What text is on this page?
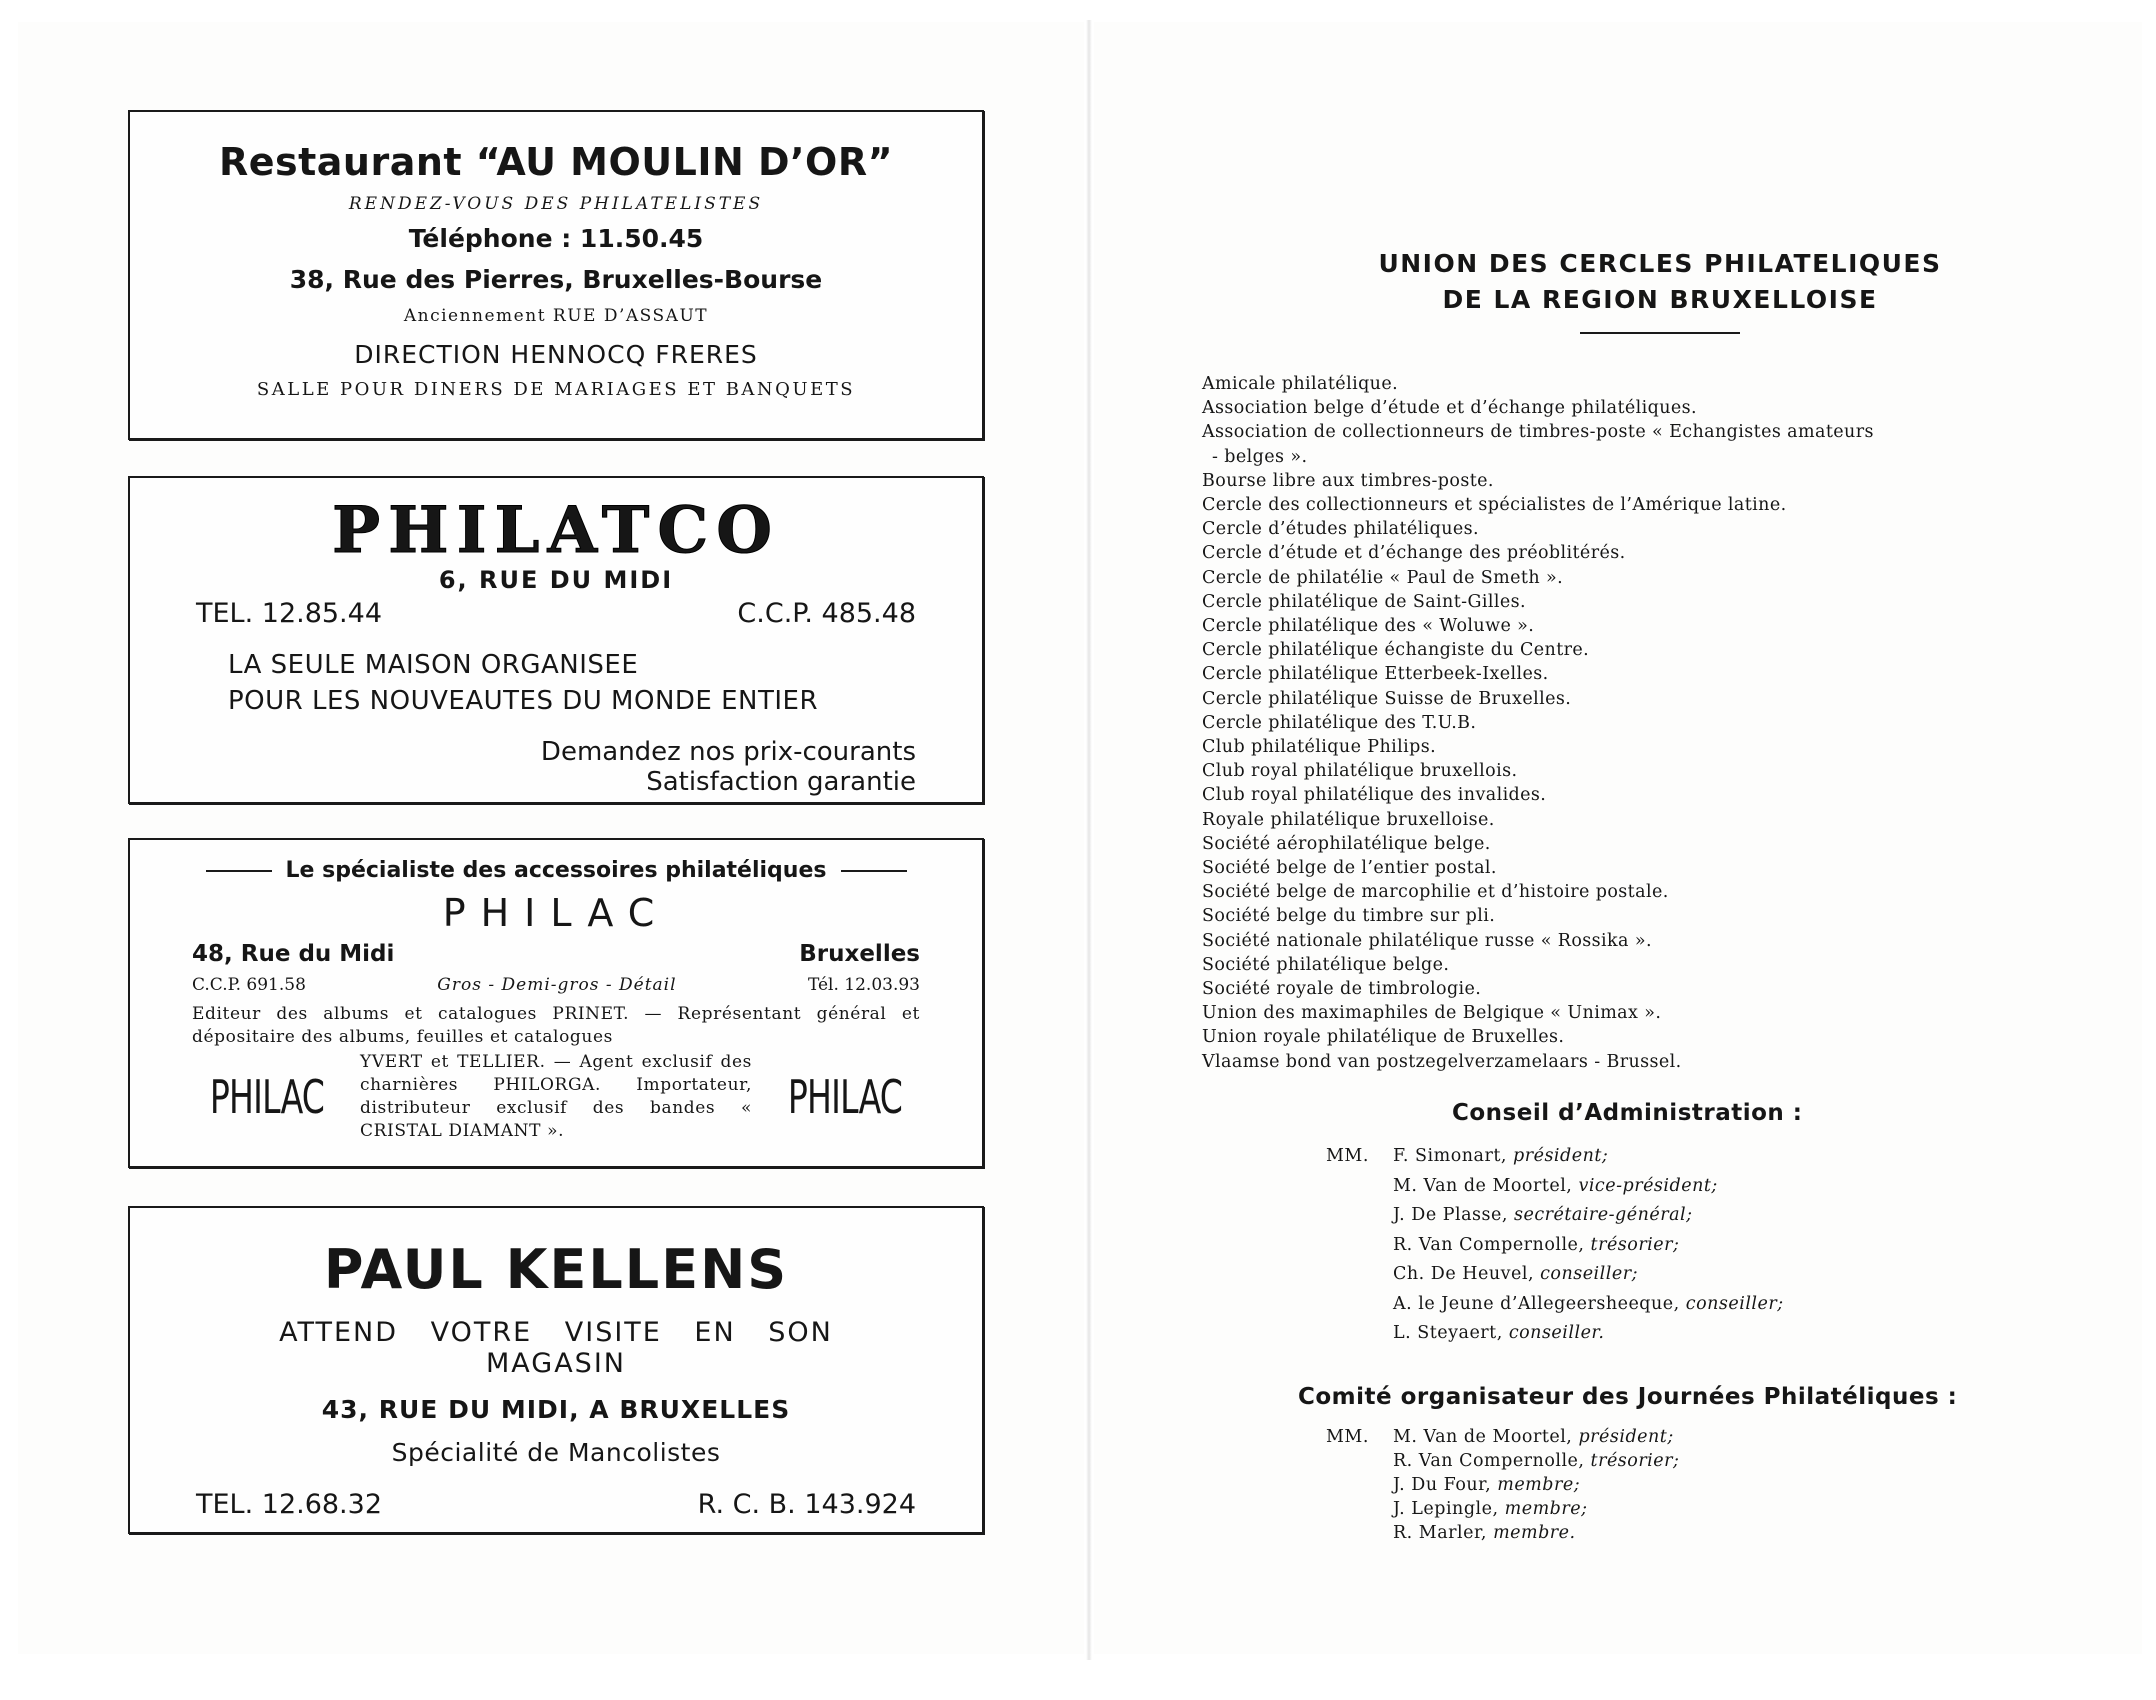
Restaurant “AU MOULIN D’OR”
RENDEZ-VOUS DES PHILATELISTES
Téléphone : 11.50.45
38, Rue des Pierres, Bruxelles-Bourse
Anciennement RUE D’ASSAUT
DIRECTION HENNOCQ FRERES
SALLE POUR DINERS DE MARIAGES ET BANQUETS
PHILATCO
6, RUE DU MIDI
TEL. 12.85.44	C.C.P. 485.48
LA SEULE MAISON ORGANISEE
POUR LES NOUVEAUTES DU MONDE ENTIER
Demandez nos prix-courants
Satisfaction garantie
Le spécialiste des accessoires philatéliques
PHILAC
48, Rue du Midi	Bruxelles
C.C.P. 691.58	Gros - Demi-gros - Détail	Tél. 12.03.93
Editeur des albums et catalogues PRINET. — Représentant général et dépositaire des albums, feuilles et catalogues
PHILAC
YVERT et TELLIER. — Agent exclusif des charnières PHILORGA. Importateur, distributeur exclusif des bandes « CRISTAL DIAMANT ».
PHILAC
PAUL KELLENS
ATTEND VOTRE VISITE EN SON MAGASIN
43, RUE DU MIDI, A BRUXELLES
Spécialité de Mancolistes
TEL. 12.68.32	R. C. B. 143.924
UNION DES CERCLES PHILATELIQUES
DE LA REGION BRUXELLOISE
Amicale philatélique.
Association belge d’étude et d’échange philatéliques.
Association de collectionneurs de timbres-poste « Echangistes amateurs
- belges ».
Bourse libre aux timbres-poste.
Cercle des collectionneurs et spécialistes de l’Amérique latine.
Cercle d’études philatéliques.
Cercle d’étude et d’échange des préoblitérés.
Cercle de philatélie « Paul de Smeth ».
Cercle philatélique de Saint-Gilles.
Cercle philatélique des « Woluwe ».
Cercle philatélique échangiste du Centre.
Cercle philatélique Etterbeek-Ixelles.
Cercle philatélique Suisse de Bruxelles.
Cercle philatélique des T.U.B.
Club philatélique Philips.
Club royal philatélique bruxellois.
Club royal philatélique des invalides.
Royale philatélique bruxelloise.
Société aérophilatélique belge.
Société belge de l’entier postal.
Société belge de marcophilie et d’histoire postale.
Société belge du timbre sur pli.
Société nationale philatélique russe « Rossika ».
Société philatélique belge.
Société royale de timbrologie.
Union des maximaphiles de Belgique « Unimax ».
Union royale philatélique de Bruxelles.
Vlaamse bond van postzegelverzamelaars - Brussel.
Conseil d’Administration :
MM. F. Simonart, président;
M. Van de Moortel, vice-président;
J. De Plasse, secrétaire-général;
R. Van Compernolle, trésorier;
Ch. De Heuvel, conseiller;
A. le Jeune d’Allegeersheeque, conseiller;
L. Steyaert, conseiller.
Comité organisateur des Journées Philatéliques :
MM. M. Van de Moortel, président;
R. Van Compernolle, trésorier;
J. Du Four, membre;
J. Lepingle, membre;
R. Marler, membre.
